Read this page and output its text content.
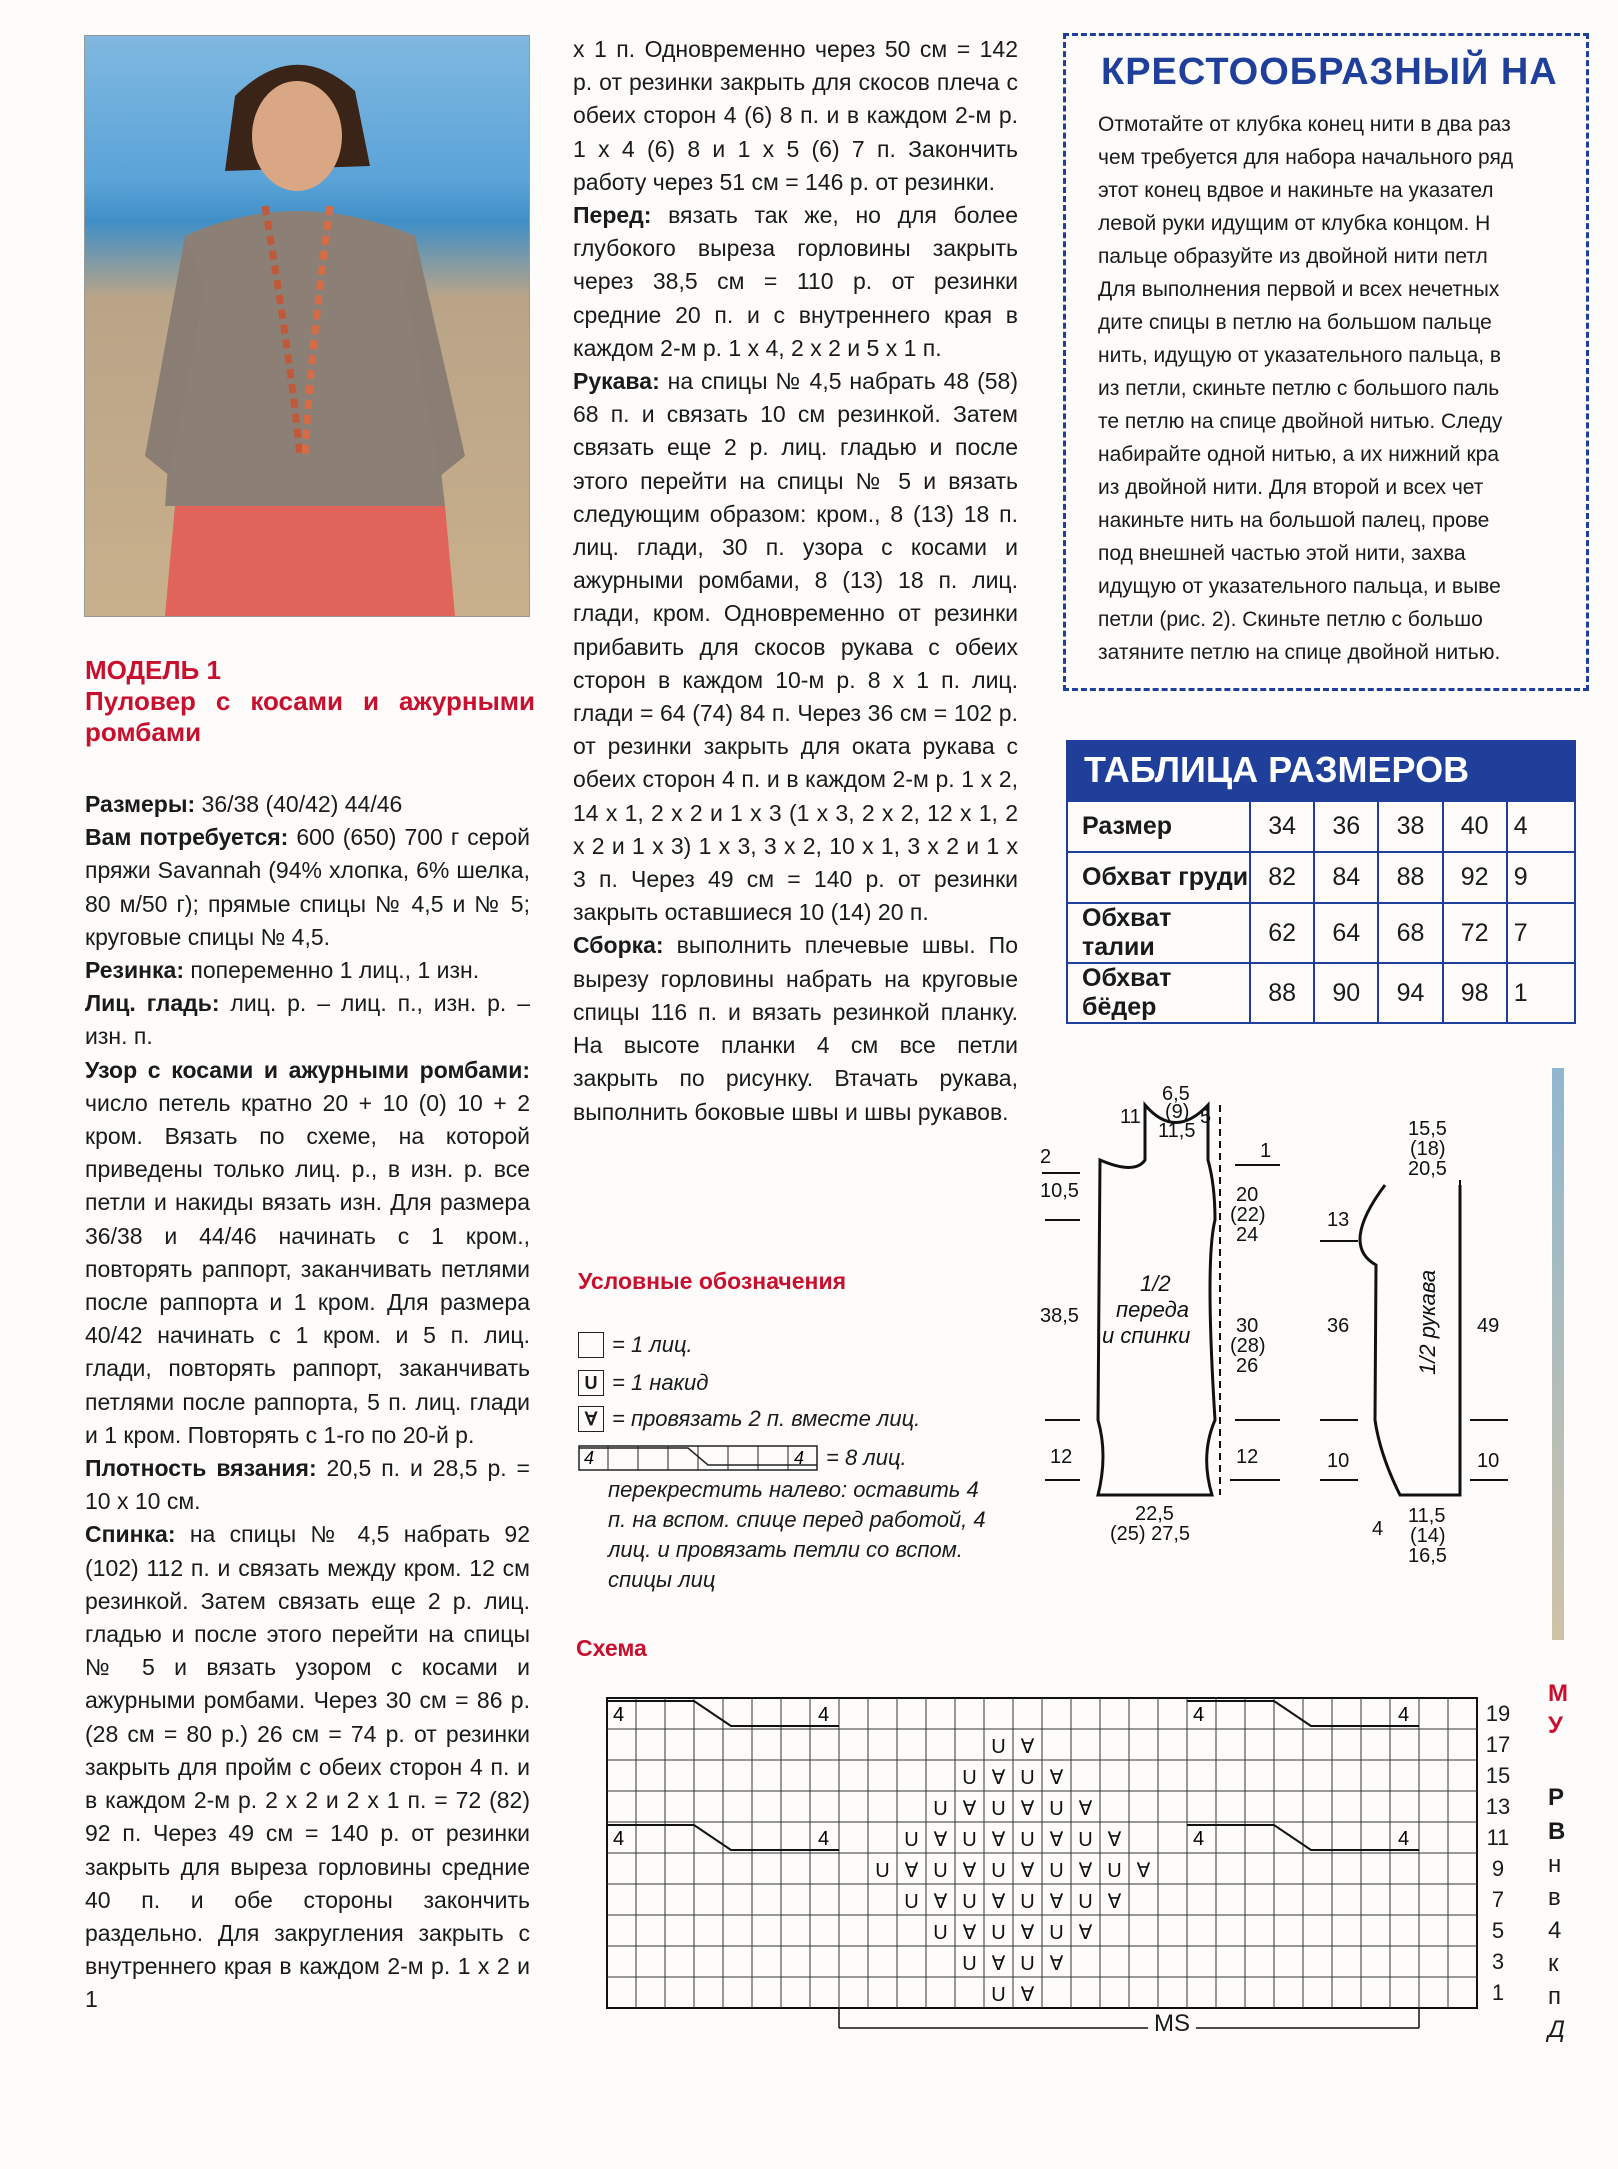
МОДЕЛЬ 1
Пуловер с косами и ажурными ромбами

Размеры: 36/38 (40/42) 44/46

Вам потребуется: 600 (650) 700 г серой пряжи Savannah (94% хлопка, 6% шелка, 80 м/50 г); прямые спицы № 4,5 и № 5; круговые спицы № 4,5.

Резинка: попеременно 1 лиц., 1 изн.

Лиц. гладь: лиц. р. – лиц. п., изн. р. – изн. п.

Узор с косами и ажурными ромбами: число петель кратно 20 + 10 (0) 10 + 2 кром. Вязать по схеме, на которой приведены только лиц. р., в изн. р. все петли и накиды вязать изн. Для размера 36/38 и 44/46 начинать с 1 кром., повторять раппорт, заканчивать петлями после раппорта и 1 кром. Для размера 40/42 начинать с 1 кром. и 5 п. лиц. глади, повторять раппорт, заканчивать петлями после раппорта, 5 п. лиц. глади и 1 кром. Повторять с 1-го по 20-й р.

Плотность вязания: 20,5 п. и 28,5 р. = 10 x 10 см.

Спинка: на спицы № 4,5 набрать 92 (102) 112 п. и связать между кром. 12 см резинкой. Затем связать еще 2 р. лиц. гладью и после этого перейти на спицы № 5 и вязать узором с косами и ажурными ромбами. Через 30 см = 86 р. (28 см = 80 р.) 26 см = 74 р. от резинки закрыть для пройм с обеих сторон 4 п. и в каждом 2-м р. 2 x 2 и 2 x 1 п. = 72 (82) 92 п. Через 49 см = 140 р. от резинки закрыть для выреза горловины средние 40 п. и обе стороны закончить раздельно. Для закругления закрыть с внутреннего края в каждом 2-м р. 1 x 2 и 1

x 1 п. Одновременно через 50 см = 142 р. от резинки закрыть для скосов плеча с обеих сторон 4 (6) 8 п. и в каждом 2-м р. 1 x 4 (6) 8 и 1 x 5 (6) 7 п. Закончить работу через 51 см = 146 р. от резинки.

Перед: вязать так же, но для более глубокого выреза горловины закрыть через 38,5 см = 110 р. от резинки средние 20 п. и с внутреннего края в каждом 2-м р. 1 x 4, 2 x 2 и 5 x 1 п.

Рукава: на спицы № 4,5 набрать 48 (58) 68 п. и связать 10 см резинкой. Затем связать еще 2 р. лиц. гладью и после этого перейти на спицы № 5 и вязать следующим образом: кром., 8 (13) 18 п. лиц. глади, 30 п. узора с косами и ажурными ромбами, 8 (13) 18 п. лиц. глади, кром. Одновременно от резинки прибавить для скосов рукава с обеих сторон в каждом 10-м р. 8 x 1 п. лиц. глади = 64 (74) 84 п. Через 36 см = 102 р. от резинки закрыть для оката рукава с обеих сторон 4 п. и в каждом 2-м р. 1 x 2, 14 x 1, 2 x 2 и 1 x 3 (1 x 3, 2 x 2, 12 x 1, 2 x 2 и 1 x 3) 1 x 3, 3 x 2, 10 x 1, 3 x 2 и 1 x 3 п. Через 49 см = 140 р. от резинки закрыть оставшиеся 10 (14) 20 п.

Сборка: выполнить плечевые швы. По вырезу горловины набрать на круговые спицы 116 п. и вязать резинкой планку. На высоте планки 4 см все петли закрыть по рисунку. Втачать рукава, выполнить боковые швы и швы рукавов.

Условные обозначения
= 1 лиц.
U = 1 накид
∀ = провязать 2 п. вместе лиц.
4	4 = 8 лиц.
перекрестить налево: оставить 4 п. на вспом. спице перед работой, 4 лиц. и провязать петли со вспом. спицы лиц
Схема
U ∀
U ∀ U ∀
U ∀ U ∀ U ∀
U ∀ U ∀ U ∀ U ∀
U ∀ U ∀ U ∀ U ∀ U ∀
U ∀ U ∀ U ∀ U ∀
U ∀ U ∀ U ∀
U ∀ U ∀
U ∀
4	4	4	4
4	4	4	4
19
17
15
13
11
9
7
5
3
1
MS
КРЕСТООБРАЗНЫЙ НА
Отмотайте от клубка конец нити в два раз
чем требуется для набора начального ряд
этот конец вдвое и накиньте на указател
левой руки идущим от клубка концом. Н
пальце образуйте из двойной нити петл
Для выполнения первой и всех нечетных
дите спицы в петлю на большом пальце
нить, идущую от указательного пальца, в
из петли, скиньте петлю с большого паль
те петлю на спице двойной нитью. Следу
набирайте одной нитью, а их нижний кра
из двойной нити. Для второй и всех чет
накиньте нить на большой палец, прове
под внешней частью этой нити, захва
идущую от указательного пальца, и выве
петли (рис. 2). Скиньте петлю с большо
затяните петлю на спице двойной нитью.
ТАБЛИЦА РАЗМЕРОВ
Размер	34	36	38	40	4
Обхват груди	82	84	88	92	9
Обхват талии	62	64	68	72	7
Обхват бёдер	88	90	94	98	1
6,5
(9)
11,5
11	5
2
10,5
38,5
12
1
20
(22)
24
30
(28)
26
12
22,5
(25) 27,5
1/2
переда
и спинки
13
36
10	10
49
15,5
(18)
20,5
4
11,5
(14)
16,5
1/2 рукава
М
У
Р
В
н
в
4
к
п
Д
